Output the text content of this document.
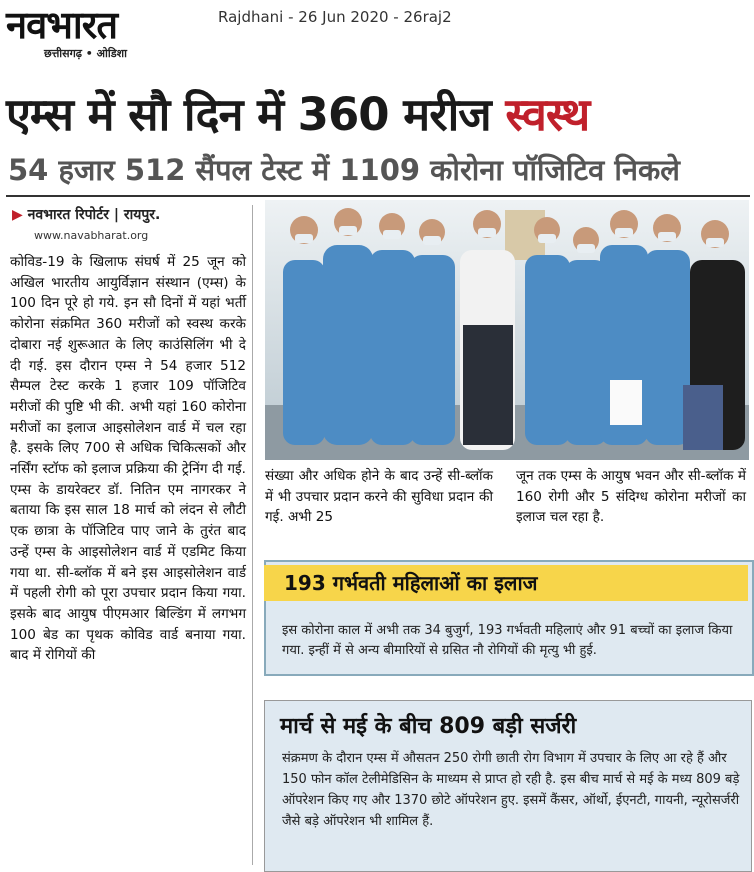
नवभारत
छत्तीसगढ़ • ओडिशा
Rajdhani - 26 Jun 2020 - 26raj2
एम्स में सौ दिन में 360 मरीज स्वस्थ
54 हजार 512 सैंपल टेस्ट में 1109 कोरोना पॉजिटिव निकले
▶ नवभारत रिपोर्टर | रायपुर.
www.navabharat.org
कोविड-19 के खिलाफ संघर्ष में 25 जून को अखिल भारतीय आयुर्विज्ञान संस्थान (एम्स) के 100 दिन पूरे हो गये. इन सौ दिनों में यहां भर्ती कोरोना संक्रमित 360 मरीजों को स्वस्थ करके दोबारा नई शुरूआत के लिए काउंसिलिंग भी दे दी गई. इस दौरान एम्स ने 54 हजार 512 सैम्पल टेस्ट करके 1 हजार 109 पॉजिटिव मरीजों की पुष्टि भी की. अभी यहां 160 कोरोना मरीजों का इलाज आइसोलेशन वार्ड में चल रहा है. इसके लिए 700 से अधिक चिकित्सकों और नर्सिंग स्टॉफ को इलाज प्रक्रिया की ट्रेनिंग दी गई. एम्स के डायरेक्टर डॉ. नितिन एम नागरकर ने बताया कि इस साल 18 मार्च को लंदन से लौटी एक छात्रा के पॉजिटिव पाए जाने के तुरंत बाद उन्हें एम्स के आइसोलेशन वार्ड में एडमिट किया गया था. सी-ब्लॉक में बने इस आइसोलेशन वार्ड में पहली रोगी को पूरा उपचार प्रदान किया गया. इसके बाद आयुष पीएमआर बिल्डिंग में लगभग 100 बेड का पृथक कोविड वार्ड बनाया गया. बाद में रोगियों की
संख्या और अधिक होने के बाद उन्हें सी-ब्लॉक में भी उपचार प्रदान करने की सुविधा प्रदान की गई. अभी 25
जून तक एम्स के आयुष भवन और सी-ब्लॉक में 160 रोगी और 5 संदिग्ध कोरोना मरीजों का इलाज चल रहा है.
193 गर्भवती महिलाओं का इलाज
इस कोरोना काल में अभी तक 34 बुजुर्ग, 193 गर्भवती महिलाएं और 91 बच्चों का इलाज किया गया. इन्हीं में से अन्य बीमारियों से ग्रसित नौ रोगियों की मृत्यु भी हुई.
मार्च से मई के बीच 809 बड़ी सर्जरी
संक्रमण के दौरान एम्स में औसतन 250 रोगी छाती रोग विभाग में उपचार के लिए आ रहे हैं और 150 फोन कॉल टेलीमेडिसिन के माध्यम से प्राप्त हो रही है. इस बीच मार्च से मई के मध्य 809 बड़े ऑपरेशन किए गए और 1370 छोटे ऑपरेशन हुए. इसमें कैंसर, ऑर्थो, ईएनटी, गायनी, न्यूरोसर्जरी जैसे बड़े ऑपरेशन भी शामिल हैं.
